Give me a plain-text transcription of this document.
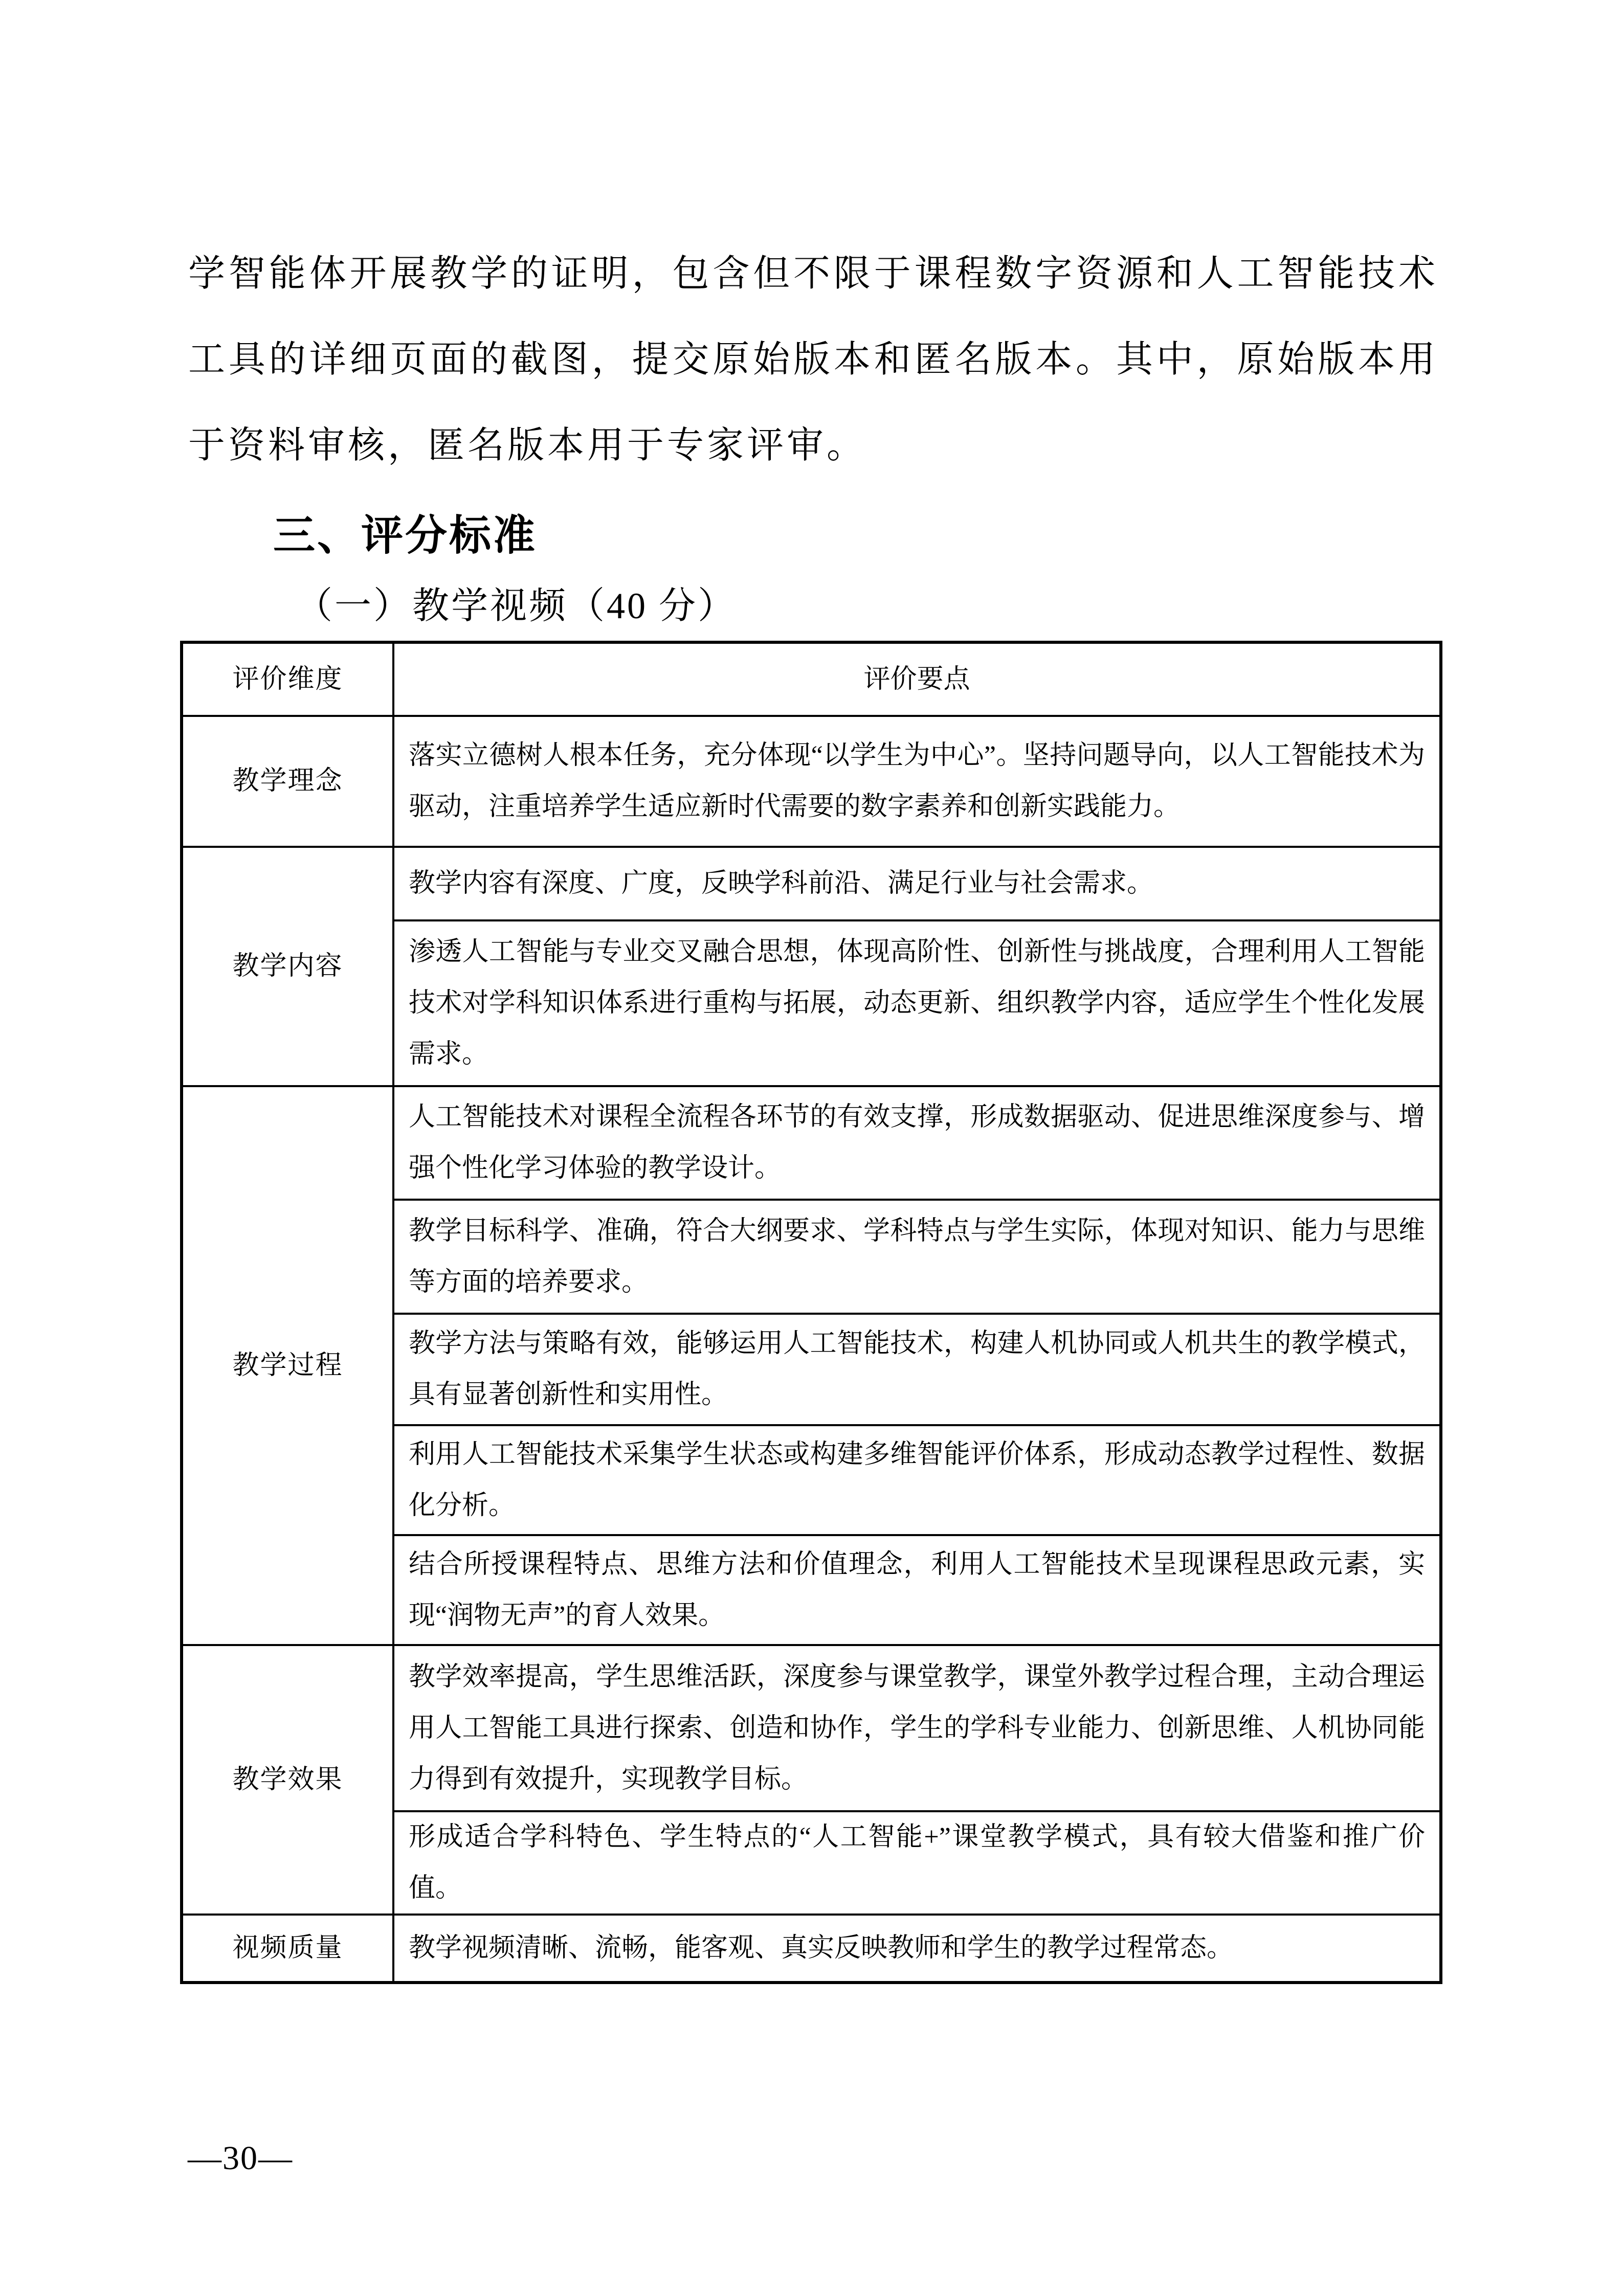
学智能体开展教学的证明，包含但不限于课程数字资源和人工智能技术工具的详细页面的截图，提交原始版本和匿名版本。其中，原始版本用于资料审核，匿名版本用于专家评审。
三、评分标准
（一）教学视频（40 分）
评价维度	评价要点
教学理念
落实立德树人根本任务，充分体现“以学生为中心”。坚持问题导向，以人工智能技术为驱动，注重培养学生适应新时代需要的数字素养和创新实践能力。
教学内容
教学内容有深度、广度，反映学科前沿、满足行业与社会需求。
渗透人工智能与专业交叉融合思想，体现高阶性、创新性与挑战度，合理利用人工智能技术对学科知识体系进行重构与拓展，动态更新、组织教学内容，适应学生个性化发展需求。
教学过程
人工智能技术对课程全流程各环节的有效支撑，形成数据驱动、促进思维深度参与、增强个性化学习体验的教学设计。
教学目标科学、准确，符合大纲要求、学科特点与学生实际，体现对知识、能力与思维等方面的培养要求。
教学方法与策略有效，能够运用人工智能技术，构建人机协同或人机共生的教学模式，具有显著创新性和实用性。
利用人工智能技术采集学生状态或构建多维智能评价体系，形成动态教学过程性、数据化分析。
结合所授课程特点、思维方法和价值理念，利用人工智能技术呈现课程思政元素，实现“润物无声”的育人效果。
教学效果
教学效率提高，学生思维活跃，深度参与课堂教学，课堂外教学过程合理，主动合理运用人工智能工具进行探索、创造和协作，学生的学科专业能力、创新思维、人机协同能力得到有效提升，实现教学目标。
形成适合学科特色、学生特点的“人工智能+”课堂教学模式，具有较大借鉴和推广价值。
视频质量	教学视频清晰、流畅，能客观、真实反映教师和学生的教学过程常态。
—30—
